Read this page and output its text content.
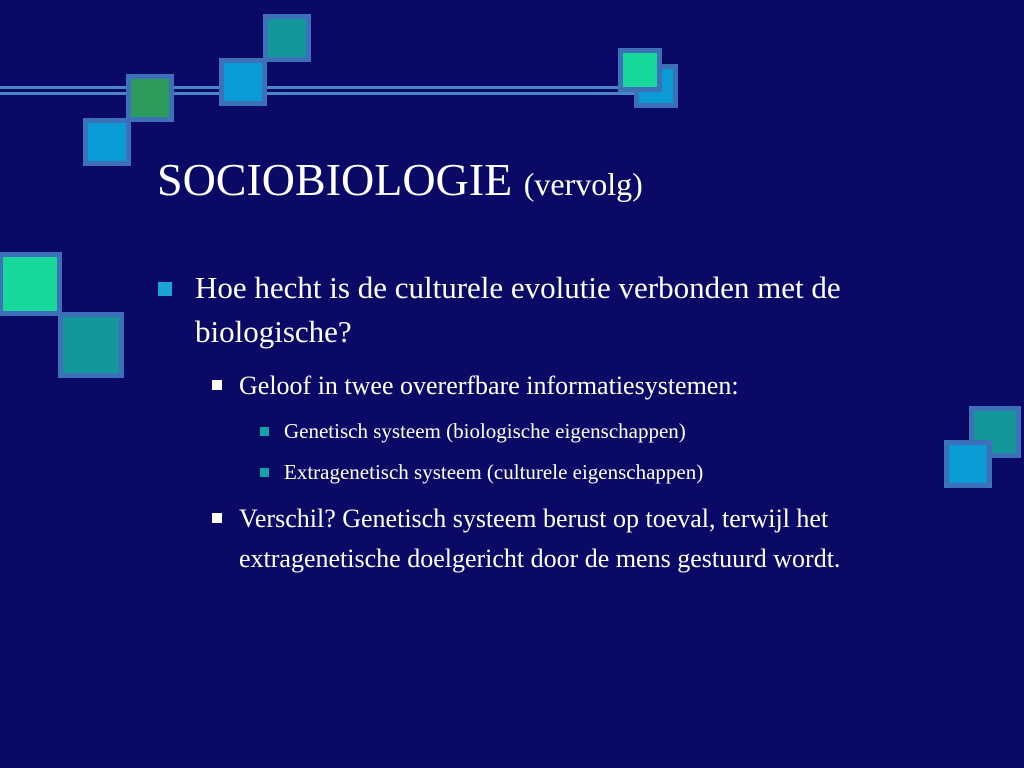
SOCIOBIOLOGIE (vervolg)
Hoe hecht is de culturele evolutie verbonden met de biologische?
Geloof in twee overerfbare informatiesystemen:
Genetisch systeem (biologische eigenschappen)
Extragenetisch systeem (culturele eigenschappen)
Verschil? Genetisch systeem berust op toeval, terwijl het extragenetische doelgericht door de mens gestuurd wordt.
